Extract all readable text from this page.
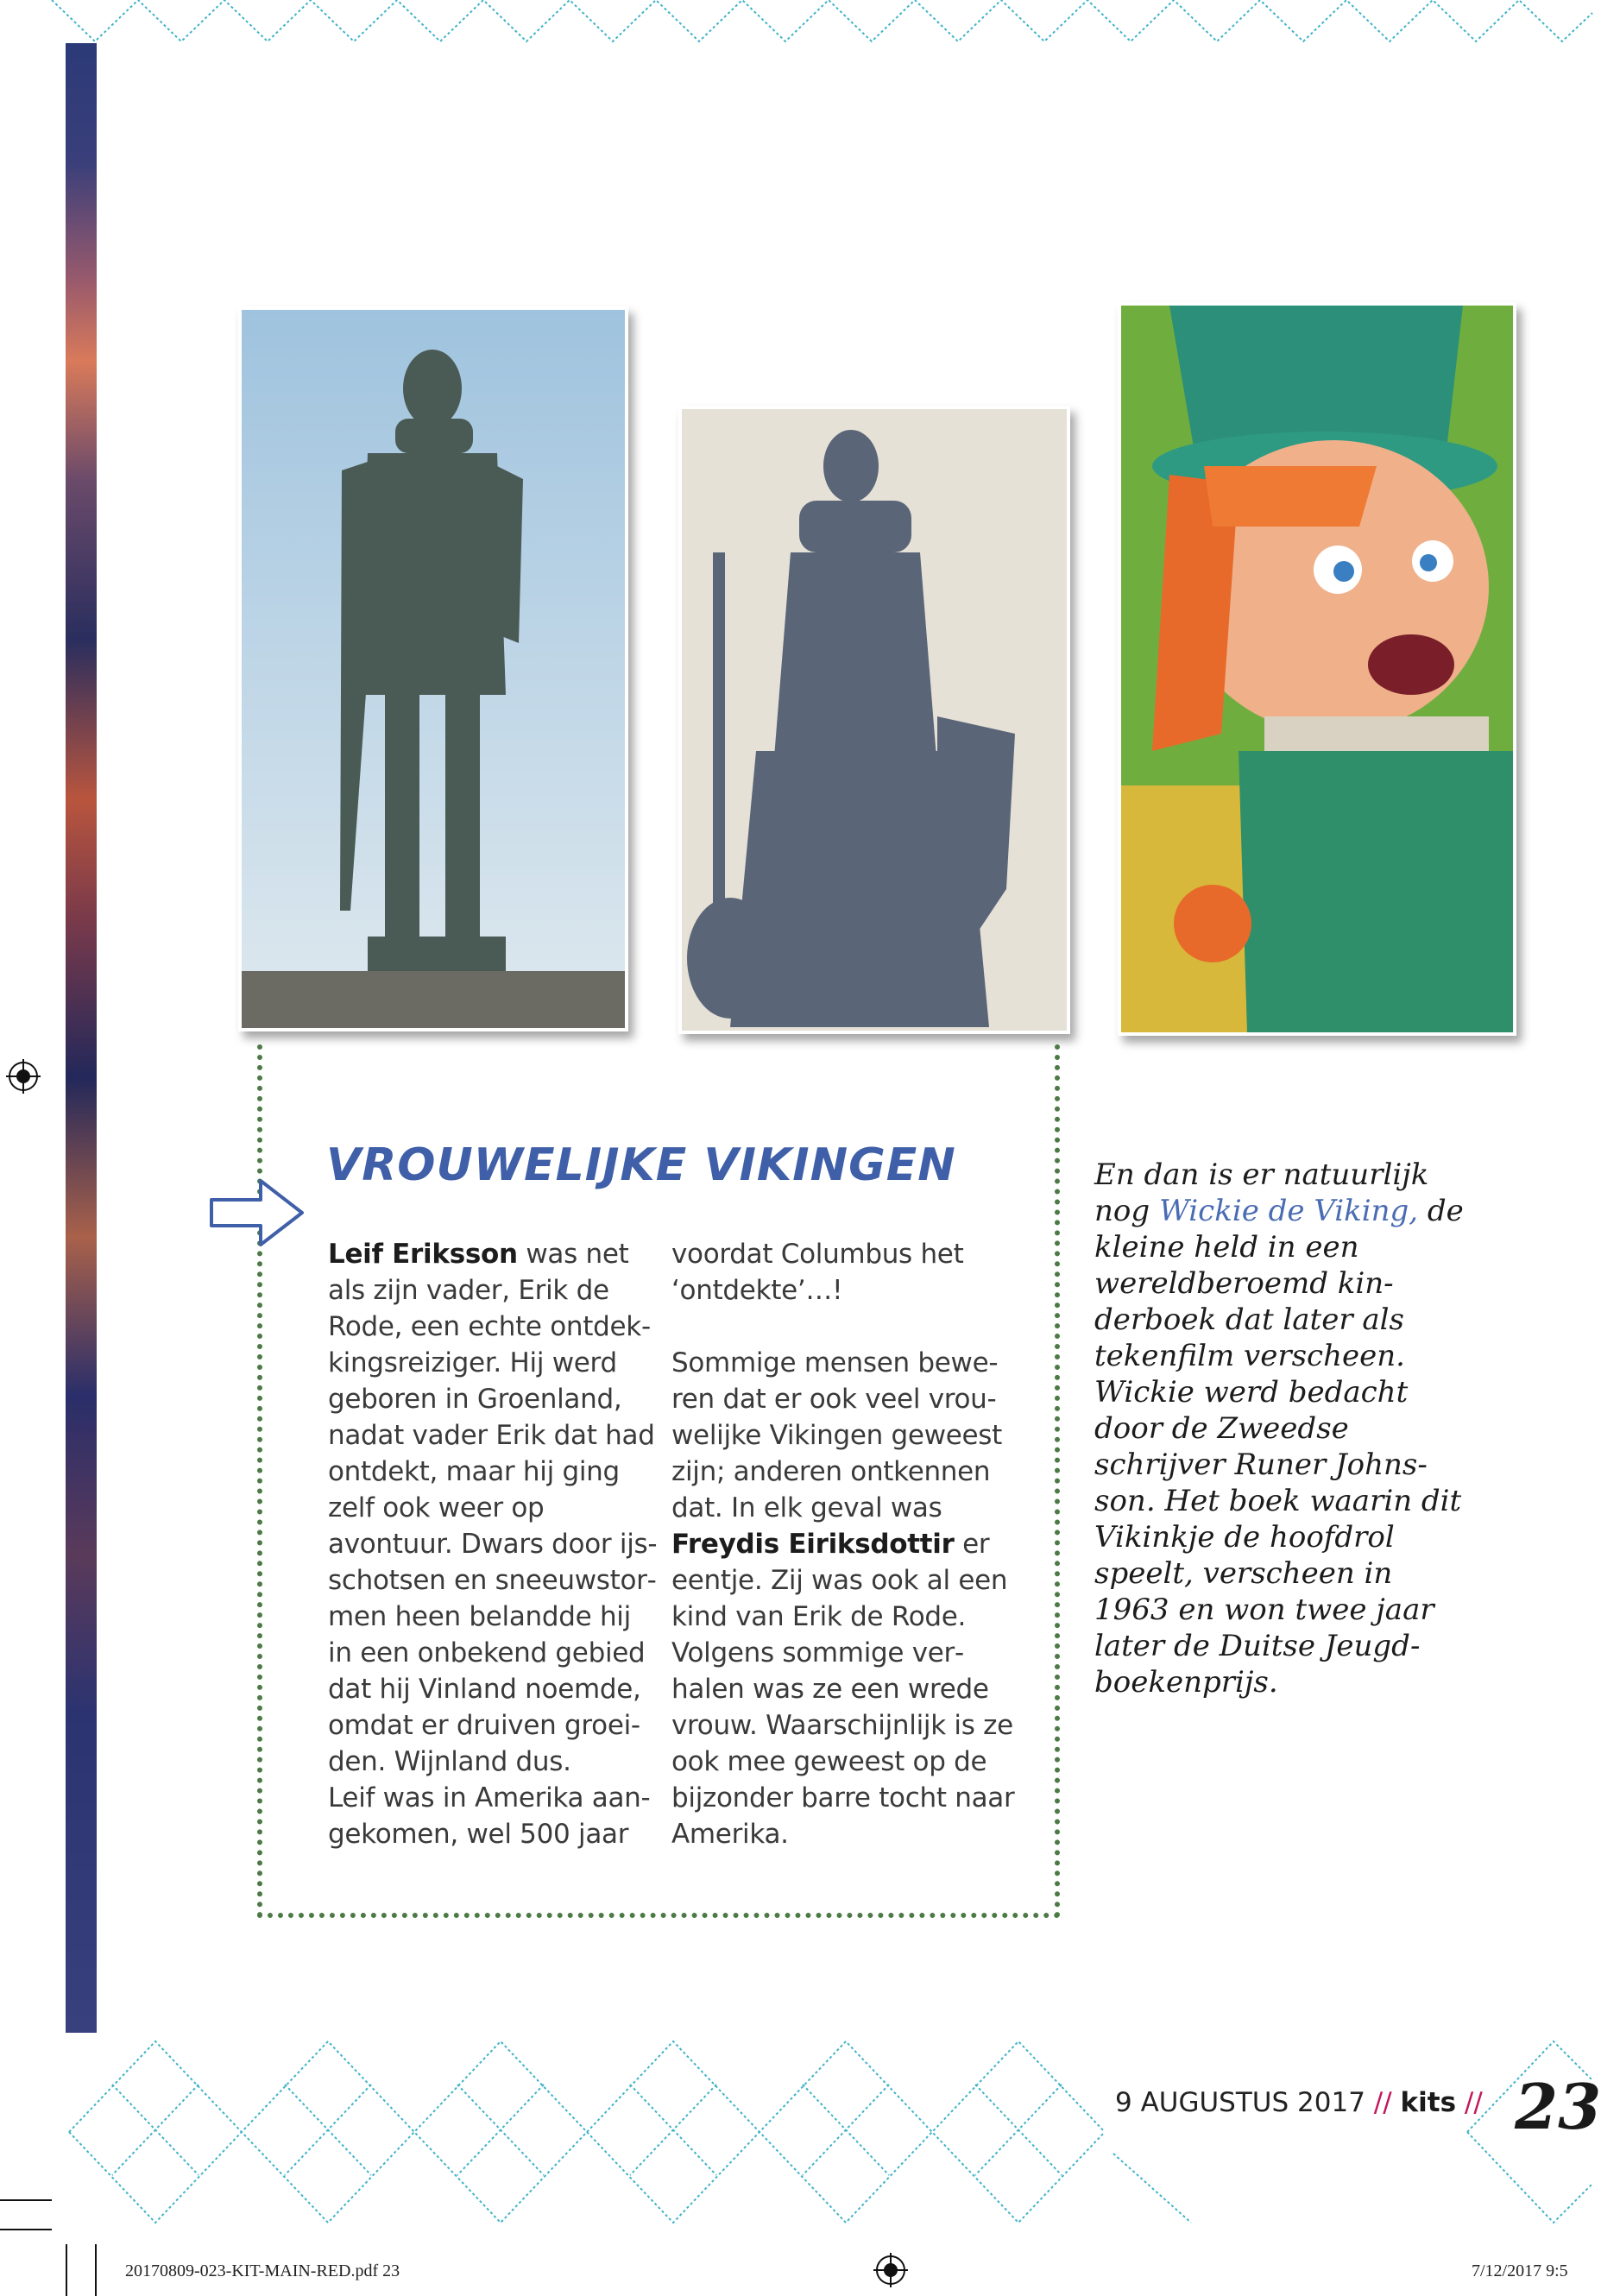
VROUWELIJKE VIKINGEN

Leif Eriksson was net als zijn vader, Erik de Rode, een echte ontdekkingsreiziger. Hij werd geboren in Groenland, nadat vader Erik dat had ontdekt, maar hij ging zelf ook weer op avontuur. Dwars door ijsschotsen en sneeuwstormen heen belandde hij in een onbekend gebied dat hij Vinland noemde, omdat er druiven groeiden. Wijnland dus.

Leif was in Amerika aangekomen, wel 500 jaar

voordat Columbus het ‘ontdekte’…!

Sommige mensen beweren dat er ook veel vrouwelijke Vikingen geweest zijn; anderen ontkennen dat. In elk geval was Freydis Eiriksdottir er eentje. Zij was ook al een kind van Erik de Rode. Volgens sommige verhalen was ze een wrede vrouw. Waarschijnlijk is ze ook mee geweest op de bijzonder barre tocht naar Amerika.

En dan is er natuurlijk nog Wickie de Viking, de kleine held in een wereldberoemd kinderboek dat later als tekenfilm verscheen. Wickie werd bedacht door de Zweedse schrijver Runer Johnsson. Het boek waarin dit Vikinkje de hoofdrol speelt, verscheen in 1963 en won twee jaar later de Duitse Jeugdboekenprijs.
9 AUGUSTUS 2017 // kits // 23
20170809-023-KIT-MAIN-RED.pdf 23	7/12/2017 9:5
